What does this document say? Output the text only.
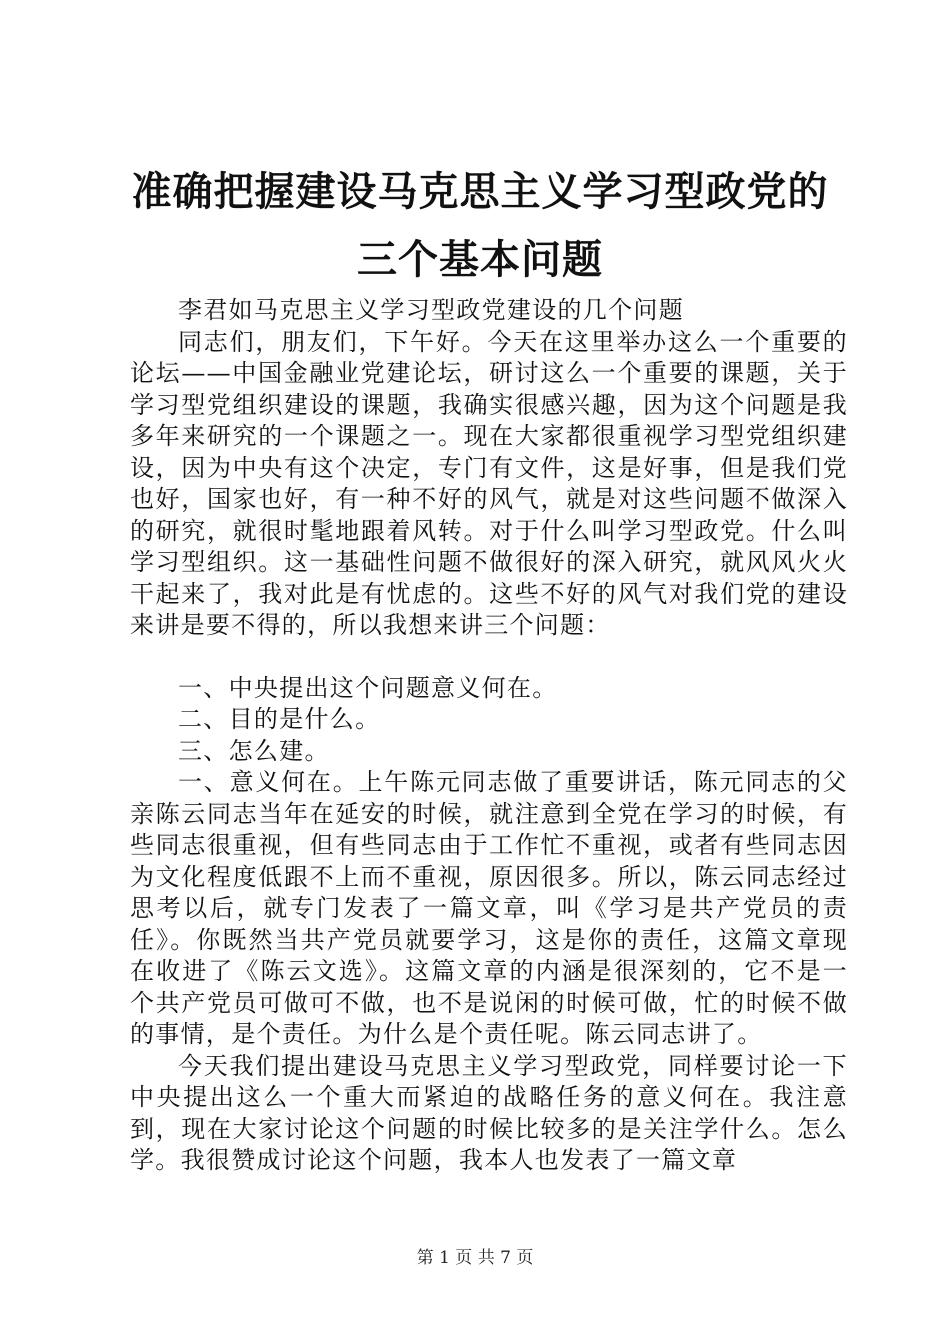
准确把握建设马克思主义学习型政党的三个基本问题

李君如马克思主义学习型政党建设的几个问题

同志们，朋友们，下午好。今天在这里举办这么一个重要的论坛——中国金融业党建论坛，研讨这么一个重要的课题，关于学习型党组织建设的课题，我确实很感兴趣，因为这个问题是我多年来研究的一个课题之一。现在大家都很重视学习型党组织建设，因为中央有这个决定，专门有文件，这是好事，但是我们党也好，国家也好，有一种不好的风气，就是对这些问题不做深入的研究，就很时髦地跟着风转。对于什么叫学习型政党。什么叫学习型组织。这一基础性问题不做很好的深入研究，就风风火火干起来了，我对此是有忧虑的。这些不好的风气对我们党的建设来讲是要不得的，所以我想来讲三个问题：

一、中央提出这个问题意义何在。

二、目的是什么。

三、怎么建。

一、意义何在。上午陈元同志做了重要讲话，陈元同志的父亲陈云同志当年在延安的时候，就注意到全党在学习的时候，有些同志很重视，但有些同志由于工作忙不重视，或者有些同志因为文化程度低跟不上而不重视，原因很多。所以，陈云同志经过思考以后，就专门发表了一篇文章，叫《学习是共产党员的责任》。你既然当共产党员就要学习，这是你的责任，这篇文章现在收进了《陈云文选》。这篇文章的内涵是很深刻的，它不是一个共产党员可做可不做，也不是说闲的时候可做，忙的时候不做的事情，是个责任。为什么是个责任呢。陈云同志讲了。

今天我们提出建设马克思主义学习型政党，同样要讨论一下中央提出这么一个重大而紧迫的战略任务的意义何在。我注意到，现在大家讨论这个问题的时候比较多的是关注学什么。怎么学。我很赞成讨论这个问题，我本人也发表了一篇文章

第 1 页 共 7 页
